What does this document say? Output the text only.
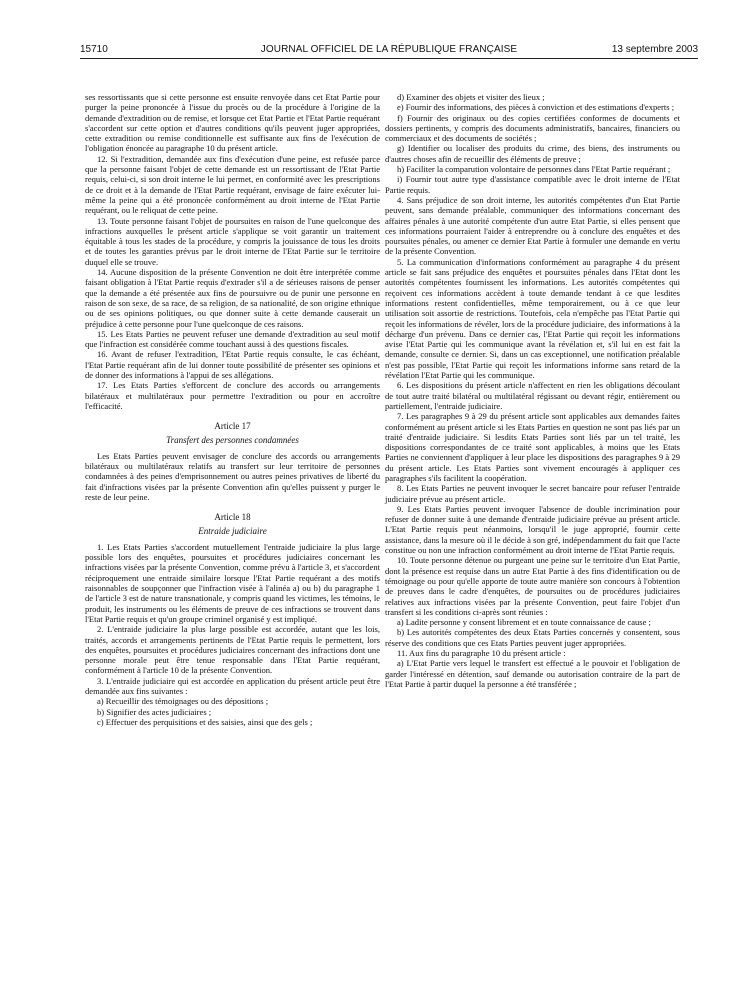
15710	JOURNAL OFFICIEL DE LA RÉPUBLIQUE FRANÇAISE	13 septembre 2003

ses ressortissants que si cette personne est ensuite renvoyée dans cet Etat Partie pour purger la peine prononcée à l'issue du procès ou de la procédure à l'origine de la demande d'extradition ou de remise, et lorsque cet Etat Partie et l'Etat Partie requérant s'accordent sur cette option et d'autres conditions qu'ils peuvent juger appropriées, cette extradition ou remise conditionnelle est suffisante aux fins de l'exécution de l'obligation énoncée au paragraphe 10 du présent article.

12. Si l'extradition, demandée aux fins d'exécution d'une peine, est refusée parce que la personne faisant l'objet de cette demande est un ressortissant de l'Etat Partie requis, celui-ci, si son droit interne le lui permet, en conformité avec les prescriptions de ce droit et à la demande de l'Etat Partie requérant, envisage de faire exécuter lui-même la peine qui a été prononcée conformément au droit interne de l'Etat Partie requérant, ou le reliquat de cette peine.

13. Toute personne faisant l'objet de poursuites en raison de l'une quelconque des infractions auxquelles le présent article s'applique se voit garantir un traitement équitable à tous les stades de la procédure, y compris la jouissance de tous les droits et de toutes les garanties prévus par le droit interne de l'Etat Partie sur le territoire duquel elle se trouve.

14. Aucune disposition de la présente Convention ne doit être interprétée comme faisant obligation à l'Etat Partie requis d'extrader s'il a de sérieuses raisons de penser que la demande a été présentée aux fins de poursuivre ou de punir une personne en raison de son sexe, de sa race, de sa religion, de sa nationalité, de son origine ethnique ou de ses opinions politiques, ou que donner suite à cette demande causerait un préjudice à cette personne pour l'une quelconque de ces raisons.

15. Les Etats Parties ne peuvent refuser une demande d'extradition au seul motif que l'infraction est considérée comme touchant aussi à des questions fiscales.

16. Avant de refuser l'extradition, l'Etat Partie requis consulte, le cas échéant, l'Etat Partie requérant afin de lui donner toute possibilité de présenter ses opinions et de donner des informations à l'appui de ses allégations.

17. Les Etats Parties s'efforcent de conclure des accords ou arrangements bilatéraux et multilatéraux pour permettre l'extradition ou pour en accroître l'efficacité.

Article 17
Transfert des personnes condamnées

Les Etats Parties peuvent envisager de conclure des accords ou arrangements bilatéraux ou multilatéraux relatifs au transfert sur leur territoire de personnes condamnées à des peines d'emprisonnement ou autres peines privatives de liberté du fait d'infractions visées par la présente Convention afin qu'elles puissent y purger le reste de leur peine.

Article 18
Entraide judiciaire

1. Les Etats Parties s'accordent mutuellement l'entraide judiciaire la plus large possible lors des enquêtes, poursuites et procédures judiciaires concernant les infractions visées par la présente Convention, comme prévu à l'article 3, et s'accordent réciproquement une entraide similaire lorsque l'Etat Partie requérant a des motifs raisonnables de soupçonner que l'infraction visée à l'alinéa a) ou b) du paragraphe 1 de l'article 3 est de nature transnationale, y compris quand les victimes, les témoins, le produit, les instruments ou les éléments de preuve de ces infractions se trouvent dans l'Etat Partie requis et qu'un groupe criminel organisé y est impliqué.

2. L'entraide judiciaire la plus large possible est accordée, autant que les lois, traités, accords et arrangements pertinents de l'Etat Partie requis le permettent, lors des enquêtes, poursuites et procédures judiciaires concernant des infractions dont une personne morale peut être tenue responsable dans l'Etat Partie requérant, conformément à l'article 10 de la présente Convention.

3. L'entraide judiciaire qui est accordée en application du présent article peut être demandée aux fins suivantes :

a) Recueillir des témoignages ou des dépositions ;

b) Signifier des actes judiciaires ;

c) Effectuer des perquisitions et des saisies, ainsi que des gels ;

d) Examiner des objets et visiter des lieux ;

e) Fournir des informations, des pièces à conviction et des estimations d'experts ;

f) Fournir des originaux ou des copies certifiées conformes de documents et dossiers pertinents, y compris des documents administratifs, bancaires, financiers ou commerciaux et des documents de sociétés ;

g) Identifier ou localiser des produits du crime, des biens, des instruments ou d'autres choses afin de recueillir des éléments de preuve ;

h) Faciliter la comparution volontaire de personnes dans l'Etat Partie requérant ;

i) Fournir tout autre type d'assistance compatible avec le droit interne de l'Etat Partie requis.

4. Sans préjudice de son droit interne, les autorités compétentes d'un Etat Partie peuvent, sans demande préalable, communiquer des informations concernant des affaires pénales à une autorité compétente d'un autre Etat Partie, si elles pensent que ces informations pourraient l'aider à entreprendre ou à conclure des enquêtes et des poursuites pénales, ou amener ce dernier Etat Partie à formuler une demande en vertu de la présente Convention.

5. La communication d'informations conformément au paragraphe 4 du présent article se fait sans préjudice des enquêtes et poursuites pénales dans l'Etat dont les autorités compétentes fournissent les informations. Les autorités compétentes qui reçoivent ces informations accèdent à toute demande tendant à ce que lesdites informations restent confidentielles, même temporairement, ou à ce que leur utilisation soit assortie de restrictions. Toutefois, cela n'empêche pas l'Etat Partie qui reçoit les informations de révéler, lors de la procédure judiciaire, des informations à la décharge d'un prévenu. Dans ce dernier cas, l'Etat Partie qui reçoit les informations avise l'Etat Partie qui les communique avant la révélation et, s'il lui en est fait la demande, consulte ce dernier. Si, dans un cas exceptionnel, une notification préalable n'est pas possible, l'Etat Partie qui reçoit les informations informe sans retard de la révélation l'Etat Partie qui les communique.

6. Les dispositions du présent article n'affectent en rien les obligations découlant de tout autre traité bilatéral ou multilatéral régissant ou devant régir, entièrement ou partiellement, l'entraide judiciaire.

7. Les paragraphes 9 à 29 du présent article sont applicables aux demandes faites conformément au présent article si les Etats Parties en question ne sont pas liés par un traité d'entraide judiciaire. Si lesdits Etats Parties sont liés par un tel traité, les dispositions correspondantes de ce traité sont applicables, à moins que les Etats Parties ne conviennent d'appliquer à leur place les dispositions des paragraphes 9 à 29 du présent article. Les Etats Parties sont vivement encouragés à appliquer ces paragraphes s'ils facilitent la coopération.

8. Les Etats Parties ne peuvent invoquer le secret bancaire pour refuser l'entraide judiciaire prévue au présent article.

9. Les Etats Parties peuvent invoquer l'absence de double incrimination pour refuser de donner suite à une demande d'entraide judiciaire prévue au présent article. L'Etat Partie requis peut néanmoins, lorsqu'il le juge approprié, fournir cette assistance, dans la mesure où il le décide à son gré, indépendamment du fait que l'acte constitue ou non une infraction conformément au droit interne de l'Etat Partie requis.

10. Toute personne détenue ou purgeant une peine sur le territoire d'un Etat Partie, dont la présence est requise dans un autre Etat Partie à des fins d'identification ou de témoignage ou pour qu'elle apporte de toute autre manière son concours à l'obtention de preuves dans le cadre d'enquêtes, de poursuites ou de procédures judiciaires relatives aux infractions visées par la présente Convention, peut faire l'objet d'un transfert si les conditions ci-après sont réunies :

a) Ladite personne y consent librement et en toute connaissance de cause ;

b) Les autorités compétentes des deux Etats Parties concernés y consentent, sous réserve des conditions que ces Etats Parties peuvent juger appropriées.

11. Aux fins du paragraphe 10 du présent article :

a) L'Etat Partie vers lequel le transfert est effectué a le pouvoir et l'obligation de garder l'intéressé en détention, sauf demande ou autorisation contraire de la part de l'Etat Partie à partir duquel la personne a été transférée ;
